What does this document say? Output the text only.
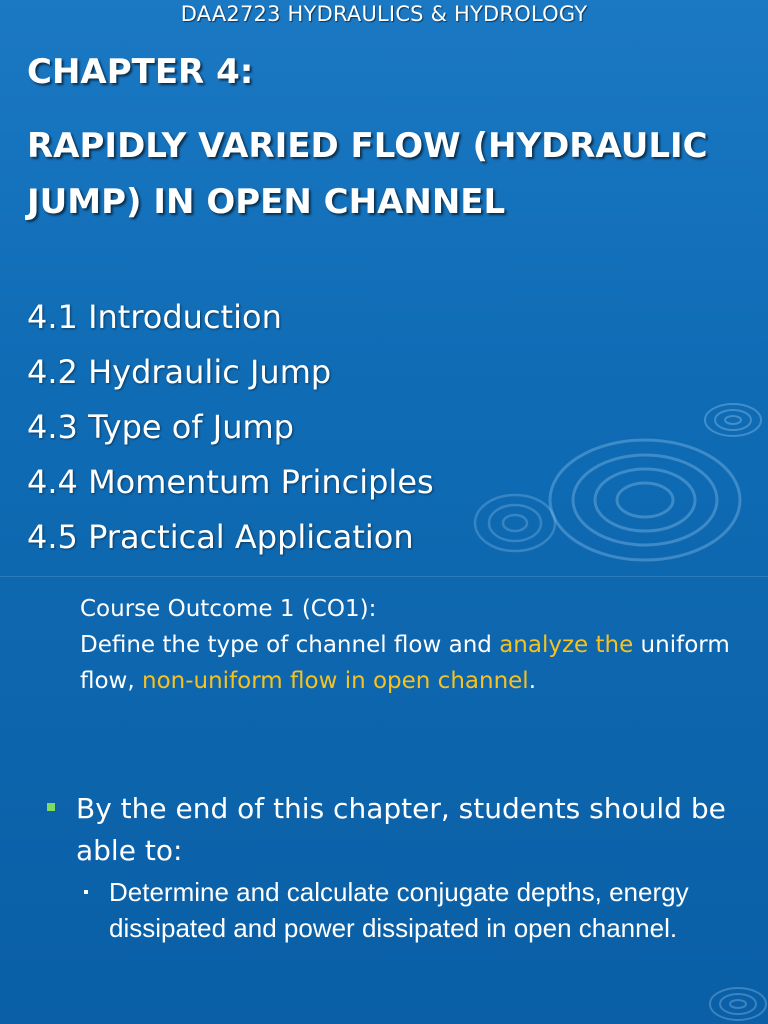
DAA2723 HYDRAULICS & HYDROLOGY
CHAPTER 4:
RAPIDLY VARIED FLOW (HYDRAULIC JUMP) IN OPEN CHANNEL
4.1 Introduction
4.2 Hydraulic Jump
4.3 Type of Jump
4.4 Momentum Principles
4.5 Practical Application
Course Outcome 1 (CO1):
Define the type of channel flow and analyze the uniform flow, non-uniform flow in open channel.
By the end of this chapter, students should be able to:
Determine and calculate conjugate depths, energy dissipated and power dissipated in open channel.
